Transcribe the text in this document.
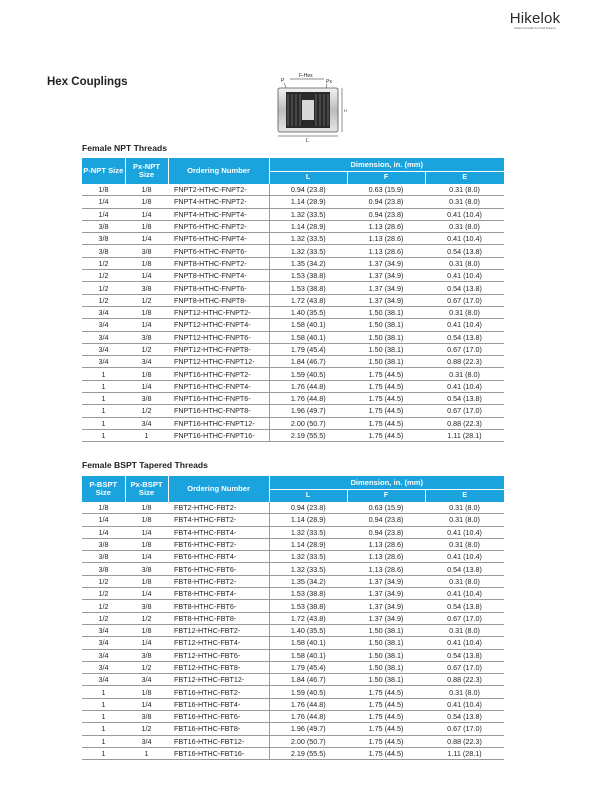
Hikelok
Solution Provider For Fluid Systems
Hex Couplings	F-Hex
P	Px
L
H
Female NPT Threads
P-NPT Size	Px-NPT Size	Ordering Number	Dimension, in. (mm)		
			L	F	E
1/8	1/8	FNPT2-HTHC-FNPT2-	0.94 (23.8)	0.63 (15.9)	0.31 (8.0)
1/4	1/8	FNPT4-HTHC-FNPT2-	1.14 (28.9)	0.94 (23.8)	0.31 (8.0)
1/4	1/4	FNPT4-HTHC-FNPT4-	1.32 (33.5)	0.94 (23.8)	0.41 (10.4)
3/8	1/8	FNPT6-HTHC-FNPT2-	1.14 (28.9)	1.13 (28.6)	0.31 (8.0)
3/8	1/4	FNPT6-HTHC-FNPT4-	1.32 (33.5)	1.13 (28.6)	0.41 (10.4)
3/8	3/8	FNPT6-HTHC-FNPT6-	1.32 (33.5)	1.13 (28.6)	0.54 (13.8)
1/2	1/8	FNPT8-HTHC-FNPT2-	1.35 (34.2)	1.37 (34.9)	0.31 (8.0)
1/2	1/4	FNPT8-HTHC-FNPT4-	1.53 (38.8)	1.37 (34.9)	0.41 (10.4)
1/2	3/8	FNPT8-HTHC-FNPT6-	1.53 (38.8)	1.37 (34.9)	0.54 (13.8)
1/2	1/2	FNPT8-HTHC-FNPT8-	1.72 (43.8)	1.37 (34.9)	0.67 (17.0)
3/4	1/8	FNPT12-HTHC-FNPT2-	1.40 (35.5)	1.50 (38.1)	0.31 (8.0)
3/4	1/4	FNPT12-HTHC-FNPT4-	1.58 (40.1)	1.50 (38.1)	0.41 (10.4)
3/4	3/8	FNPT12-HTHC-FNPT6-	1.58 (40.1)	1.50 (38.1)	0.54 (13.8)
3/4	1/2	FNPT12-HTHC-FNPT8-	1.79 (45.4)	1.50 (38.1)	0.67 (17.0)
3/4	3/4	FNPT12-HTHC-FNPT12-	1.84 (46.7)	1.50 (38.1)	0.88 (22.3)
1	1/8	FNPT16-HTHC-FNPT2-	1.59 (40.5)	1.75 (44.5)	0.31 (8.0)
1	1/4	FNPT16-HTHC-FNPT4-	1.76 (44.8)	1.75 (44.5)	0.41 (10.4)
1	3/8	FNPT16-HTHC-FNPT6-	1.76 (44.8)	1.75 (44.5)	0.54 (13.8)
1	1/2	FNPT16-HTHC-FNPT8-	1.96 (49.7)	1.75 (44.5)	0.67 (17.0)
1	3/4	FNPT16-HTHC-FNPT12-	2.00 (50.7)	1.75 (44.5)	0.88 (22.3)
1	1	FNPT16-HTHC-FNPT16-	2.19 (55.5)	1.75 (44.5)	1.11 (28.1)
Female BSPT Tapered Threads
P-BSPT Size	Px-BSPT Size	Ordering Number	Dimension, in. (mm)		
			L	F	E
1/8	1/8	FBT2-HTHC-FBT2-	0.94 (23.8)	0.63 (15.9)	0.31 (8.0)
1/4	1/8	FBT4-HTHC-FBT2-	1.14 (28.9)	0.94 (23.8)	0.31 (8.0)
1/4	1/4	FBT4-HTHC-FBT4-	1.32 (33.5)	0.94 (23.8)	0.41 (10.4)
3/8	1/8	FBT6-HTHC-FBT2-	1.14 (28.9)	1.13 (28.6)	0.31 (8.0)
3/8	1/4	FBT6-HTHC-FBT4-	1.32 (33.5)	1.13 (28.6)	0.41 (10.4)
3/8	3/8	FBT6-HTHC-FBT6-	1.32 (33.5)	1.13 (28.6)	0.54 (13.8)
1/2	1/8	FBT8-HTHC-FBT2-	1.35 (34.2)	1.37 (34.9)	0.31 (8.0)
1/2	1/4	FBT8-HTHC-FBT4-	1.53 (38.8)	1.37 (34.9)	0.41 (10.4)
1/2	3/8	FBT8-HTHC-FBT6-	1.53 (38.8)	1.37 (34.9)	0.54 (13.8)
1/2	1/2	FBT8-HTHC-FBT8-	1.72 (43.8)	1.37 (34.9)	0.67 (17.0)
3/4	1/8	FBT12-HTHC-FBT2-	1.40 (35.5)	1.50 (38.1)	0.31 (8.0)
3/4	1/4	FBT12-HTHC-FBT4-	1.58 (40.1)	1.50 (38.1)	0.41 (10.4)
3/4	3/8	FBT12-HTHC-FBT6-	1.58 (40.1)	1.50 (38.1)	0.54 (13.8)
3/4	1/2	FBT12-HTHC-FBT8-	1.79 (45.4)	1.50 (38.1)	0.67 (17.0)
3/4	3/4	FBT12-HTHC-FBT12-	1.84 (46.7)	1.50 (38.1)	0.88 (22.3)
1	1/8	FBT16-HTHC-FBT2-	1.59 (40.5)	1.75 (44.5)	0.31 (8.0)
1	1/4	FBT16-HTHC-FBT4-	1.76 (44.8)	1.75 (44.5)	0.41 (10.4)
1	3/8	FBT16-HTHC-FBT6-	1.76 (44.8)	1.75 (44.5)	0.54 (13.8)
1	1/2	FBT16-HTHC-FBT8-	1.96 (49.7)	1.75 (44.5)	0.67 (17.0)
1	3/4	FBT16-HTHC-FBT12-	2.00 (50.7)	1.75 (44.5)	0.88 (22.3)
1	1	FBT16-HTHC-FBT16-	2.19 (55.5)	1.75 (44.5)	1.11 (28.1)
